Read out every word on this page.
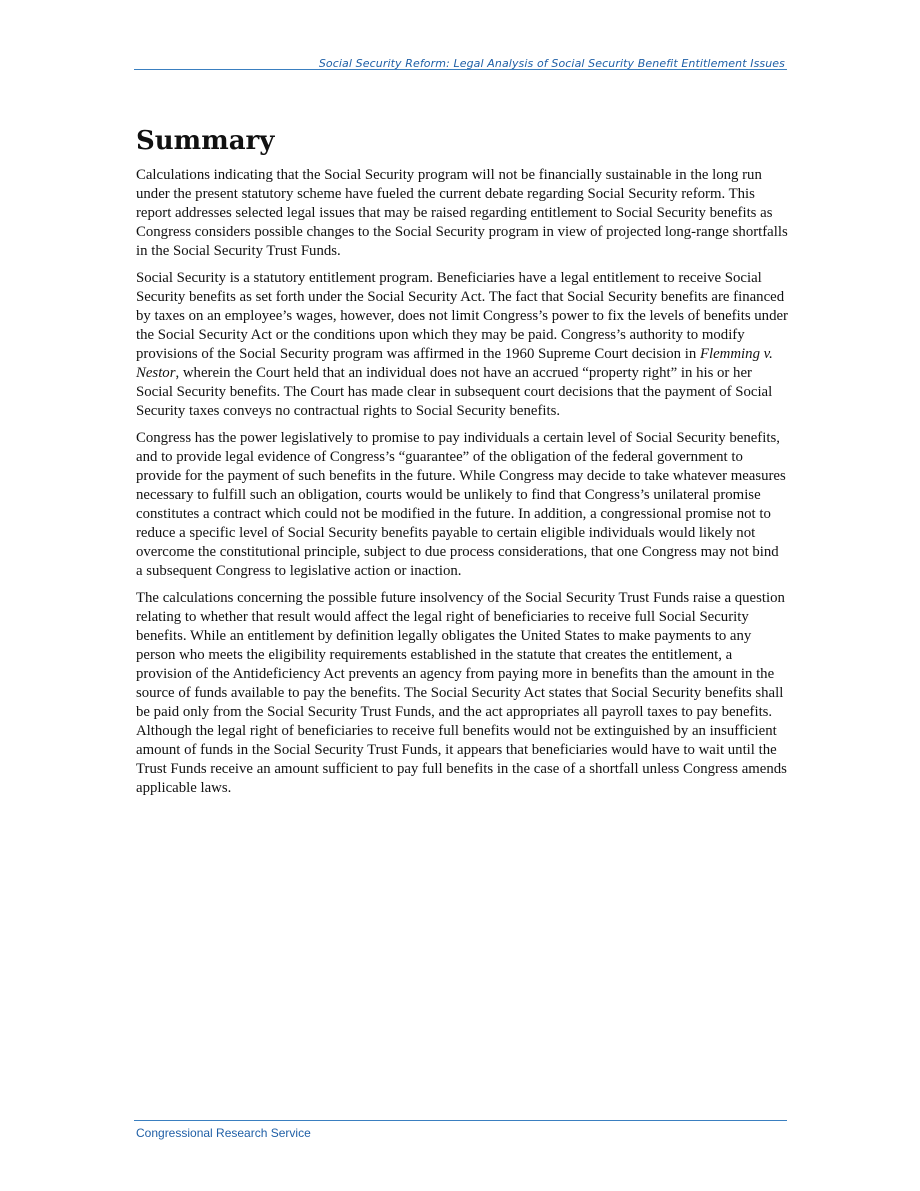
Social Security Reform: Legal Analysis of Social Security Benefit Entitlement Issues
Summary

Calculations indicating that the Social Security program will not be financially sustainable in the long run under the present statutory scheme have fueled the current debate regarding Social Security reform. This report addresses selected legal issues that may be raised regarding entitlement to Social Security benefits as Congress considers possible changes to the Social Security program in view of projected long-range shortfalls in the Social Security Trust Funds.

Social Security is a statutory entitlement program. Beneficiaries have a legal entitlement to receive Social Security benefits as set forth under the Social Security Act. The fact that Social Security benefits are financed by taxes on an employee’s wages, however, does not limit Congress’s power to fix the levels of benefits under the Social Security Act or the conditions upon which they may be paid. Congress’s authority to modify provisions of the Social Security program was affirmed in the 1960 Supreme Court decision in Flemming v. Nestor, wherein the Court held that an individual does not have an accrued “property right” in his or her Social Security benefits. The Court has made clear in subsequent court decisions that the payment of Social Security taxes conveys no contractual rights to Social Security benefits.

Congress has the power legislatively to promise to pay individuals a certain level of Social Security benefits, and to provide legal evidence of Congress’s “guarantee” of the obligation of the federal government to provide for the payment of such benefits in the future. While Congress may decide to take whatever measures necessary to fulfill such an obligation, courts would be unlikely to find that Congress’s unilateral promise constitutes a contract which could not be modified in the future. In addition, a congressional promise not to reduce a specific level of Social Security benefits payable to certain eligible individuals would likely not overcome the constitutional principle, subject to due process considerations, that one Congress may not bind a subsequent Congress to legislative action or inaction.

The calculations concerning the possible future insolvency of the Social Security Trust Funds raise a question relating to whether that result would affect the legal right of beneficiaries to receive full Social Security benefits. While an entitlement by definition legally obligates the United States to make payments to any person who meets the eligibility requirements established in the statute that creates the entitlement, a provision of the Antideficiency Act prevents an agency from paying more in benefits than the amount in the source of funds available to pay the benefits. The Social Security Act states that Social Security benefits shall be paid only from the Social Security Trust Funds, and the act appropriates all payroll taxes to pay benefits. Although the legal right of beneficiaries to receive full benefits would not be extinguished by an insufficient amount of funds in the Social Security Trust Funds, it appears that beneficiaries would have to wait until the Trust Funds receive an amount sufficient to pay full benefits in the case of a shortfall unless Congress amends applicable laws.

Congressional Research Service
